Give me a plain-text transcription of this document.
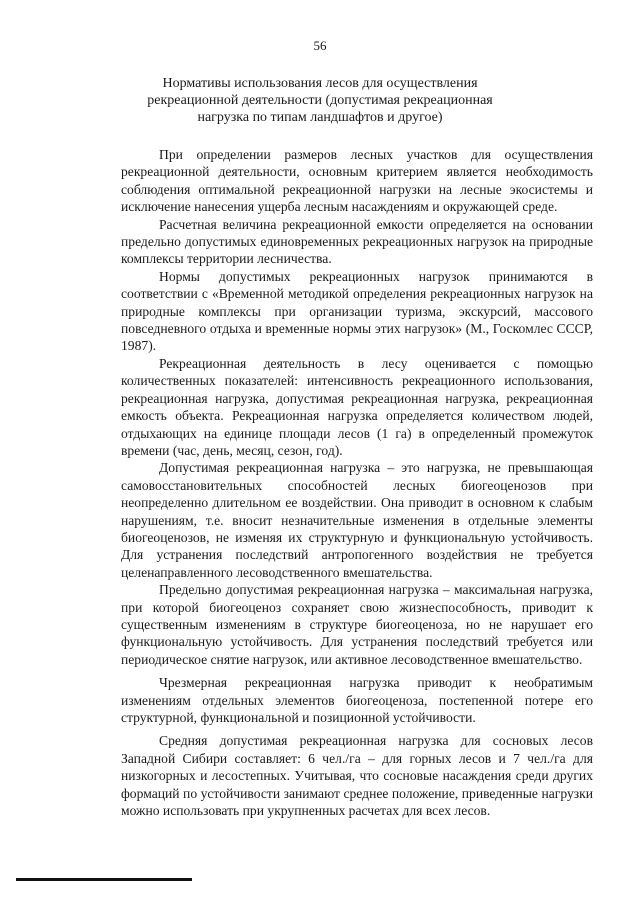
56
Нормативы использования лесов для осуществления
рекреационной деятельности (допустимая рекреационная
нагрузка по типам ландшафтов и другое)

При определении размеров лесных участков для осуществления рекреационной деятельности, основным критерием является необходимость соблюдения оптимальной рекреационной нагрузки на лесные экосистемы и исключение нанесения ущерба лесным насаждениям и окружающей среде.

Расчетная величина рекреационной емкости определяется на основании предельно допустимых единовременных рекреационных нагрузок на природные комплексы территории лесничества.

Нормы допустимых рекреационных нагрузок принимаются в соответствии с «Временной методикой определения рекреационных нагрузок на природные комплексы при организации туризма, экскурсий, массового повседневного отдыха и временные нормы этих нагрузок» (М., Госкомлес СССР, 1987).

Рекреационная деятельность в лесу оценивается с помощью количественных показателей: интенсивность рекреационного использования, рекреационная нагрузка, допустимая рекреационная нагрузка, рекреационная емкость объекта. Рекреационная нагрузка определяется количеством людей, отдыхающих на единице площади лесов (1 га) в определенный промежуток времени (час, день, месяц, сезон, год).

Допустимая рекреационная нагрузка – это нагрузка, не превышающая самовосстановительных способностей лесных биогеоценозов при неопределенно длительном ее воздействии. Она приводит в основном к слабым нарушениям, т.е. вносит незначительные изменения в отдельные элементы биогеоценозов, не изменяя их структурную и функциональную устойчивость. Для устранения последствий антропогенного воздействия не требуется целенаправленного лесоводственного вмешательства.

Предельно допустимая рекреационная нагрузка – максимальная нагрузка, при которой биогеоценоз сохраняет свою жизнеспособность, приводит к существенным изменениям в структуре биогеоценоза, но не нарушает его функциональную устойчивость. Для устранения последствий требуется или периодическое снятие нагрузок, или активное лесоводственное вмешательство.

Чрезмерная рекреационная нагрузка приводит к необратимым изменениям отдельных элементов биогеоценоза, постепенной потере его структурной, функциональной и позиционной устойчивости.

Средняя допустимая рекреационная нагрузка для сосновых лесов Западной Сибири составляет: 6 чел./га – для горных лесов и 7 чел./га для низкогорных и лесостепных. Учитывая, что сосновые насаждения среди других формаций по устойчивости занимают среднее положение, приведенные нагрузки можно использовать при укрупненных расчетах для всех лесов.
